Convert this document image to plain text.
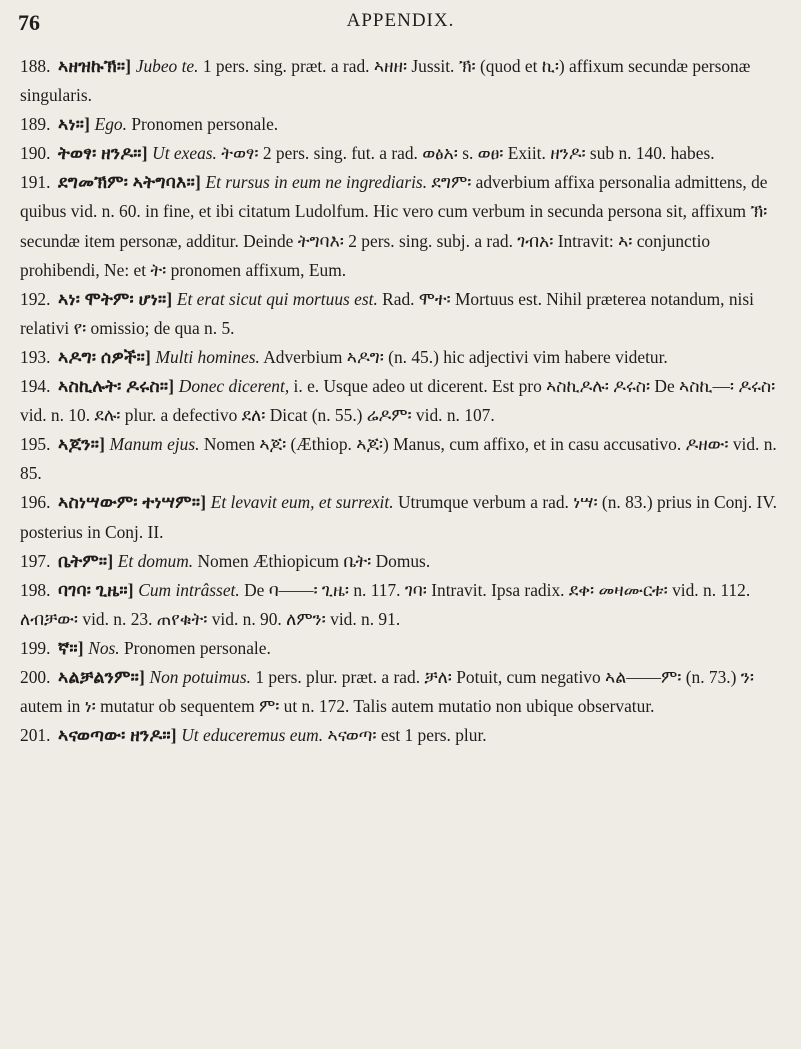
76	APPENDIX.

188. ኣዘዝኩኽ።] Jubeo te. 1 pers. sing. præt. a rad. ኣዘዘ፡ Jussit. ኽ፡ (quod et ኪ፡) affixum secundæ personæ singularis.

189. ኣነ።] Ego. Pronomen personale.

190. ትወፃ፡ ዘንዶ።] Ut exeas. ትወፃ፡ 2 pers. sing. fut. a rad. ወፅአ፡ s. ወፀ፡ Exiit. ዘንዶ፡ sub n. 140. habes.

191. ደግመኽም፡ ኣትግባእ።] Et rursus in eum ne ingrediaris. ደግም፡ adverbium affixa personalia admittens, de quibus vid. n. 60. in fine, et ibi citatum Ludolfum. Hic vero cum verbum in secunda persona sit, affixum ኽ፡ secundæ item personæ, additur. Deinde ትግባእ፡ 2 pers. sing. subj. a rad. ገብአ፡ Intravit: ኣ፡ conjunctio prohibendi, Ne: et ት፡ pronomen affixum, Eum.

192. ኣነ፡ ሞትም፡ ሆነ።] Et erat sicut qui mortuus est. Rad. ሞተ፡ Mortuus est. Nihil præterea notandum, nisi relativi የ፡ omissio; de qua n. 5.

193. ኣዶግ፡ ሰዎች።] Multi homines. Adverbium ኣዶግ፡ (n. 45.) hic adjectivi vim habere videtur.

194. ኣስኪሉት፡ ዶሩስ።] Donec dicerent, i. e. Usque adeo ut dicerent. Est pro ኣስኪዶሉ፡ ዶሩስ፡ De ኣስኪ—፡ ዶሩስ፡ vid. n. 10. ደሉ፡ plur. a defectivo ደለ፡ Dicat (n. 55.) ሬዶም፡ vid. n. 107.

195. ኣጆን።] Manum ejus. Nomen ኣጆ፡ (Æthiop. ኣጆ፡) Manus, cum affixo, et in casu accusativo. ዶዘው፡ vid. n. 85.

196. ኣስነሣውም፡ ተነሣም።] Et levavit eum, et surrexit. Utrumque verbum a rad. ነሣ፡ (n. 83.) prius in Conj. IV. posterius in Conj. II.

197. ቤትም።] Et domum. Nomen Æthiopicum ቤት፡ Domus.

198. ባገባ፡ ጊዜ።] Cum intrâsset. De ባ——፡ ጊዜ፡ n. 117. ገባ፡ Intravit. Ipsa radix. ደቀ፡ መዛሙርቱ፡ vid. n. 112. ለብቻው፡ vid. n. 23. ጠየቁት፡ vid. n. 90. ለምን፡ vid. n. 91.

199. ኛ።] Nos. Pronomen personale.

200. ኣልቻልንም።] Non potuimus. 1 pers. plur. præt. a rad. ቻለ፡ Potuit, cum negativo ኣል——ም፡ (n. 73.) ን፡ autem in ነ፡ mutatur ob sequentem ም፡ ut n. 172. Talis autem mutatio non ubique observatur.

201. ኣናወጣው፡ ዘንዶ።] Ut educeremus eum. ኣናወጣ፡ est 1 pers. plur.
